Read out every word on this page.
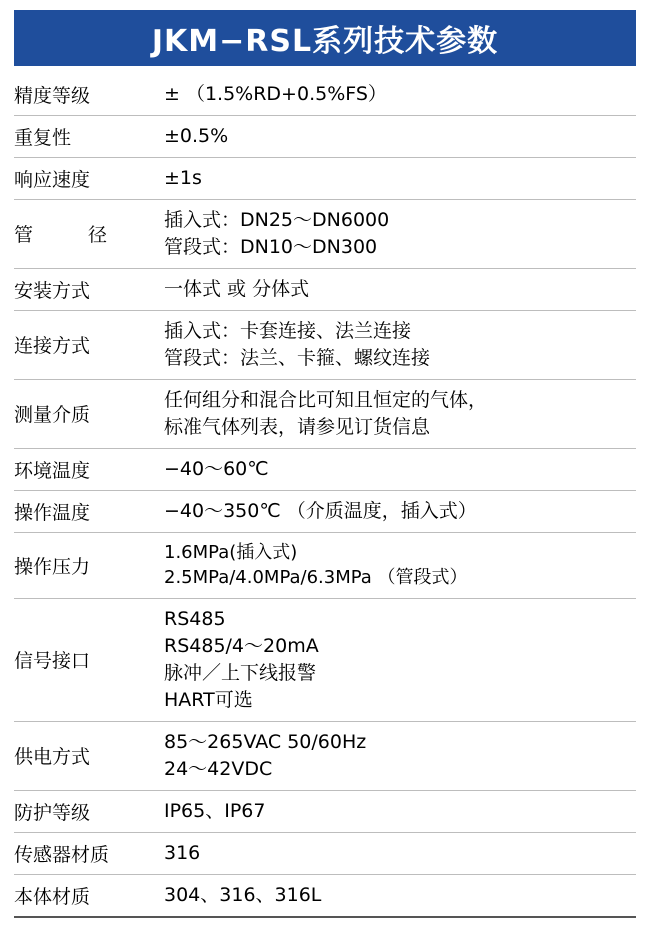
JKM−RSL系列技术参数
精度等级	± （1.5%RD+0.5%FS）

重复性	±0.5%

响应速度	±1s

管　径	插入式：DN25～DN6000
管段式：DN10～DN300

安装方式	一体式 或 分体式

连接方式	插入式：卡套连接、法兰连接
管段式：法兰、卡箍、螺纹连接

测量介质	任何组分和混合比可知且恒定的气体，
标准气体列表，请参见订货信息

环境温度	−40～60℃

操作温度	−40～350℃ （介质温度，插入式）

操作压力	1.6MPa(插入式)
2.5MPa/4.0MPa/6.3MPa （管段式）

信号接口	RS485
RS485/4～20mA
脉冲／上下线报警
HART可选

供电方式	85～265VAC 50/60Hz
24～42VDC

防护等级	IP65、IP67

传感器材质	316

本体材质	304、316、316L
